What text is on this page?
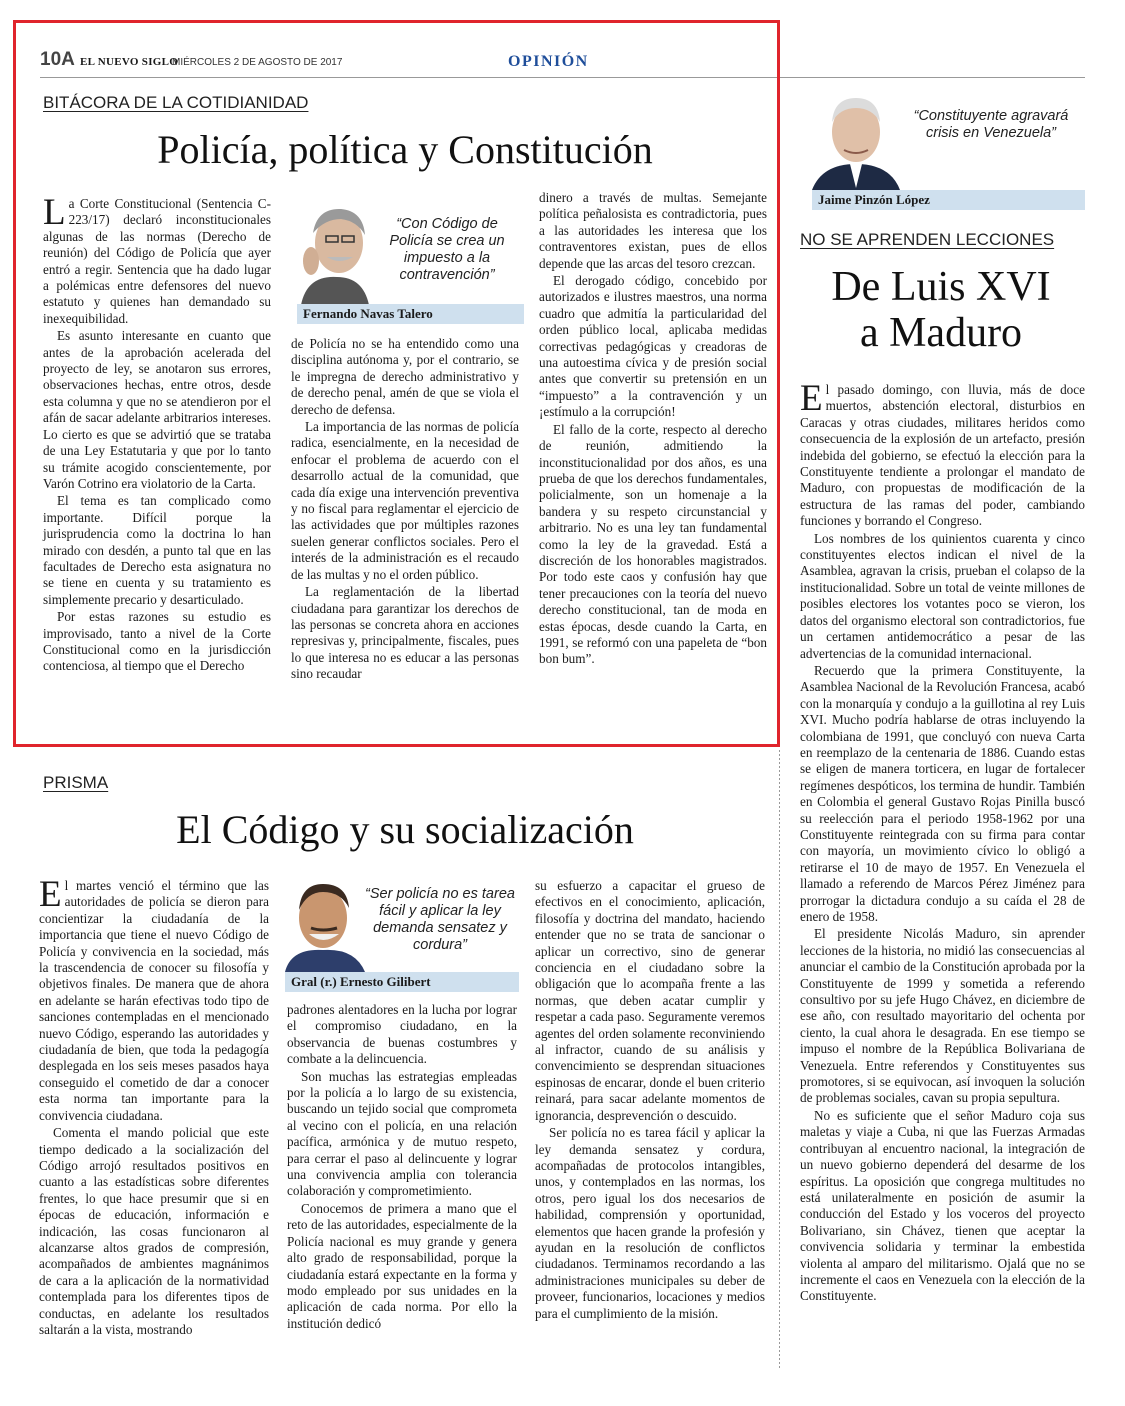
10A EL NUEVO SIGLO
MIÉRCOLES 2 DE AGOSTO DE 2017	OPINIÓN
BITÁCORA DE LA COTIDIANIDAD
Policía, política y Constitución

La Corte Constitucional (Sentencia C-223/17) declaró inconstitucionales algunas de las normas (Derecho de reunión) del Código de Policía que ayer entró a regir. Sentencia que ha dado lugar a polémicas entre defensores del nuevo estatuto y quienes han demandado su inexequibilidad.

Es asunto interesante en cuanto que antes de la aprobación acelerada del proyecto de ley, se anotaron sus errores, observaciones hechas, entre otros, desde esta columna y que no se atendieron por el afán de sacar adelante arbitrarios intereses. Lo cierto es que se advirtió que se trataba de una Ley Estatutaria y que por lo tanto su trámite acogido conscientemente, por Varón Cotrino era violatorio de la Carta.

El tema es tan complicado como importante. Difícil porque la jurisprudencia como la doctrina lo han mirado con desdén, a punto tal que en las facultades de Derecho esta asignatura no se tiene en cuenta y su tratamiento es simplemente precario y desarticulado.

Por estas razones su estudio es improvisado, tanto a nivel de la Corte Constitucional como en la jurisdicción contenciosa, al tiempo que el Derecho

“Con Código de Policía se crea un impuesto a la contravención”
Fernando Navas Talero

de Policía no se ha entendido como una disciplina autónoma y, por el contrario, se le impregna de derecho administrativo y de derecho penal, amén de que se viola el derecho de defensa.

La importancia de las normas de policía radica, esencialmente, en la necesidad de enfocar el problema de acuerdo con el desarrollo actual de la comunidad, que cada día exige una intervención preventiva y no fiscal para reglamentar el ejercicio de las actividades que por múltiples razones suelen generar conflictos sociales. Pero el interés de la administración es el recaudo de las multas y no el orden público.

La reglamentación de la libertad ciudadana para garantizar los derechos de las personas se concreta ahora en acciones represivas y, principalmente, fiscales, pues lo que interesa no es educar a las personas sino recaudar

dinero a través de multas. Semejante política peñalosista es contradictoria, pues a las autoridades les interesa que los contraventores existan, pues de ellos depende que las arcas del tesoro crezcan.

El derogado código, concebido por autorizados e ilustres maestros, una norma cuadro que admitía la particularidad del orden público local, aplicaba medidas correctivas pedagógicas y creadoras de una autoestima cívica y de presión social antes que convertir su pretensión en un “impuesto” a la contravención y un ¡estímulo a la corrupción!

El fallo de la corte, respecto al derecho de reunión, admitiendo la inconstitucionalidad por dos años, es una prueba de que los derechos fundamentales, policialmente, son un homenaje a la bandera y su respeto circunstancial y arbitrario. No es una ley tan fundamental como la ley de la gravedad. Está a discreción de los honorables magistrados. Por todo este caos y confusión hay que tener precauciones con la teoría del nuevo derecho constitucional, tan de moda en estas épocas, desde cuando la Carta, en 1991, se reformó con una papeleta de “bon bon bum”.

PRISMA
El Código y su socialización

El martes venció el término que las autoridades de policía se dieron para concientizar la ciudadanía de la importancia que tiene el nuevo Código de Policía y convivencia en la sociedad, más la trascendencia de conocer su filosofía y objetivos finales. De manera que de ahora en adelante se harán efectivas todo tipo de sanciones contempladas en el mencionado nuevo Código, esperando las autoridades y ciudadanía de bien, que toda la pedagogía desplegada en los seis meses pasados haya conseguido el cometido de dar a conocer esta norma tan importante para la convivencia ciudadana.

Comenta el mando policial que este tiempo dedicado a la socialización del Código arrojó resultados positivos en cuanto a las estadísticas sobre diferentes frentes, lo que hace presumir que si en épocas de educación, información e indicación, las cosas funcionaron al alcanzarse altos grados de compresión, acompañados de ambientes magnánimos de cara a la aplicación de la normatividad contemplada para los diferentes tipos de conductas, en adelante los resultados saltarán a la vista, mostrando

“Ser policía no es tarea fácil y aplicar la ley demanda sensatez y cordura”
Gral (r.) Ernesto Gilibert

padrones alentadores en la lucha por lograr el compromiso ciudadano, en la observancia de buenas costumbres y combate a la delincuencia.

Son muchas las estrategias empleadas por la policía a lo largo de su existencia, buscando un tejido social que comprometa al vecino con el policía, en una relación pacífica, armónica y de mutuo respeto, para cerrar el paso al delincuente y lograr una convivencia amplia con tolerancia colaboración y comprometimiento.

Conocemos de primera a mano que el reto de las autoridades, especialmente de la Policía nacional es muy grande y genera alto grado de responsabilidad, porque la ciudadanía estará expectante en la forma y modo empleado por sus unidades en la aplicación de cada norma. Por ello la institución dedicó

su esfuerzo a capacitar el grueso de efectivos en el conocimiento, aplicación, filosofía y doctrina del mandato, haciendo entender que no se trata de sancionar o aplicar un correctivo, sino de generar conciencia en el ciudadano sobre la obligación que lo acompaña frente a las normas, que deben acatar cumplir y respetar a cada paso. Seguramente veremos agentes del orden solamente reconviniendo al infractor, cuando de su análisis y convencimiento se desprendan situaciones espinosas de encarar, donde el buen criterio reinará, para sacar adelante momentos de ignorancia, desprevención o descuido.

Ser policía no es tarea fácil y aplicar la ley demanda sensatez y cordura, acompañadas de protocolos intangibles, unos, y contemplados en las normas, los otros, pero igual los dos necesarios de habilidad, comprensión y oportunidad, elementos que hacen grande la profesión y ayudan en la resolución de conflictos ciudadanos. Terminamos recordando a las administraciones municipales su deber de proveer, funcionarios, locaciones y medios para el cumplimiento de la misión.

“Constituyente agravará crisis en Venezuela”
Jaime Pinzón López
NO SE APRENDEN LECCIONES
De Luis XVI
a Maduro

El pasado domingo, con lluvia, más de doce muertos, abstención electoral, disturbios en Caracas y otras ciudades, militares heridos como consecuencia de la explosión de un artefacto, presión indebida del gobierno, se efectuó la elección para la Constituyente tendiente a prolongar el mandato de Maduro, con propuestas de modificación de la estructura de las ramas del poder, cambiando funciones y borrando el Congreso.

Los nombres de los quinientos cuarenta y cinco constituyentes electos indican el nivel de la Asamblea, agravan la crisis, prueban el colapso de la institucionalidad. Sobre un total de veinte millones de posibles electores los votantes poco se vieron, los datos del organismo electoral son contradictorios, fue un certamen antidemocrático a pesar de las advertencias de la comunidad internacional.

Recuerdo que la primera Constituyente, la Asamblea Nacional de la Revolución Francesa, acabó con la monarquía y condujo a la guillotina al rey Luis XVI. Mucho podría hablarse de otras incluyendo la colombiana de 1991, que concluyó con nueva Carta en reemplazo de la centenaria de 1886. Cuando estas se eligen de manera torticera, en lugar de fortalecer regímenes despóticos, los termina de hundir. También en Colombia el general Gustavo Rojas Pinilla buscó su reelección para el periodo 1958-1962 por una Constituyente reintegrada con su firma para contar con mayoría, un movimiento cívico lo obligó a retirarse el 10 de mayo de 1957. En Venezuela el llamado a referendo de Marcos Pérez Jiménez para prorrogar la dictadura condujo a su caída el 28 de enero de 1958.

El presidente Nicolás Maduro, sin aprender lecciones de la historia, no midió las consecuencias al anunciar el cambio de la Constitución aprobada por la Constituyente de 1999 y sometida a referendo consultivo por su jefe Hugo Chávez, en diciembre de ese año, con resultado mayoritario del ochenta por ciento, la cual ahora le desagrada. En ese tiempo se impuso el nombre de la República Bolivariana de Venezuela. Entre referendos y Constituyentes sus promotores, si se equivocan, así invoquen la solución de problemas sociales, cavan su propia sepultura.

No es suficiente que el señor Maduro coja sus maletas y viaje a Cuba, ni que las Fuerzas Armadas contribuyan al encuentro nacional, la integración de un nuevo gobierno dependerá del desarme de los espíritus. La oposición que congrega multitudes no está unilateralmente en posición de asumir la conducción del Estado y los voceros del proyecto Bolivariano, sin Chávez, tienen que aceptar la convivencia solidaria y terminar la embestida violenta al amparo del militarismo. Ojalá que no se incremente el caos en Venezuela con la elección de la Constituyente.
